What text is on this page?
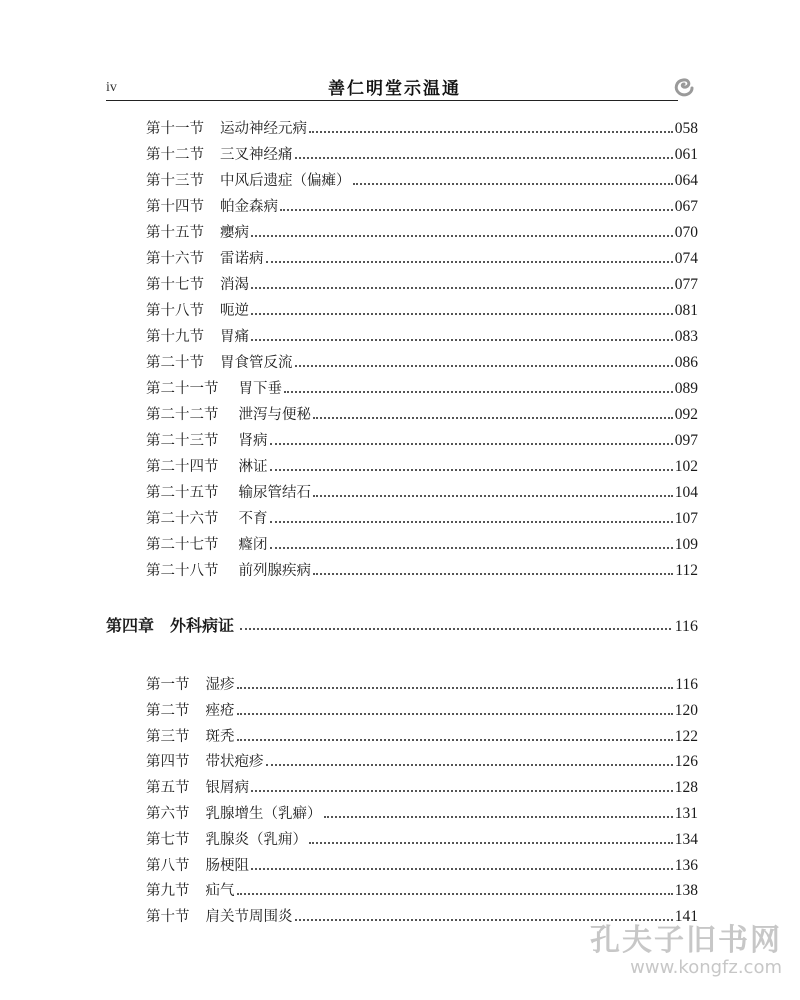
iv	善仁明堂示温通
第十一节 运动神经元病	058
第十二节 三叉神经痛	061
第十三节 中风后遗症（偏瘫）	064
第十四节 帕金森病	067
第十五节 癭病	070
第十六节 雷诺病	074
第十七节 消渴	077
第十八节 呃逆	081
第十九节 胃痛	083
第二十节 胃食管反流	086
第二十一节 胃下垂	089
第二十二节 泄泻与便秘	092
第二十三节 肾病	097
第二十四节 淋证	102
第二十五节 输尿管结石	104
第二十六节 不育	107
第二十七节 癃闭	109
第二十八节 前列腺疾病	112
第四章 外科病证	116
第一节 湿疹	116
第二节 痤疮	120
第三节 斑秃	122
第四节 带状疱疹	126
第五节 银屑病	128
第六节 乳腺增生（乳癖）	131
第七节 乳腺炎（乳痈）	134
第八节 肠梗阻	136
第九节 疝气	138
第十节 肩关节周围炎	141
孔夫子旧书网
www.kongfz.com
